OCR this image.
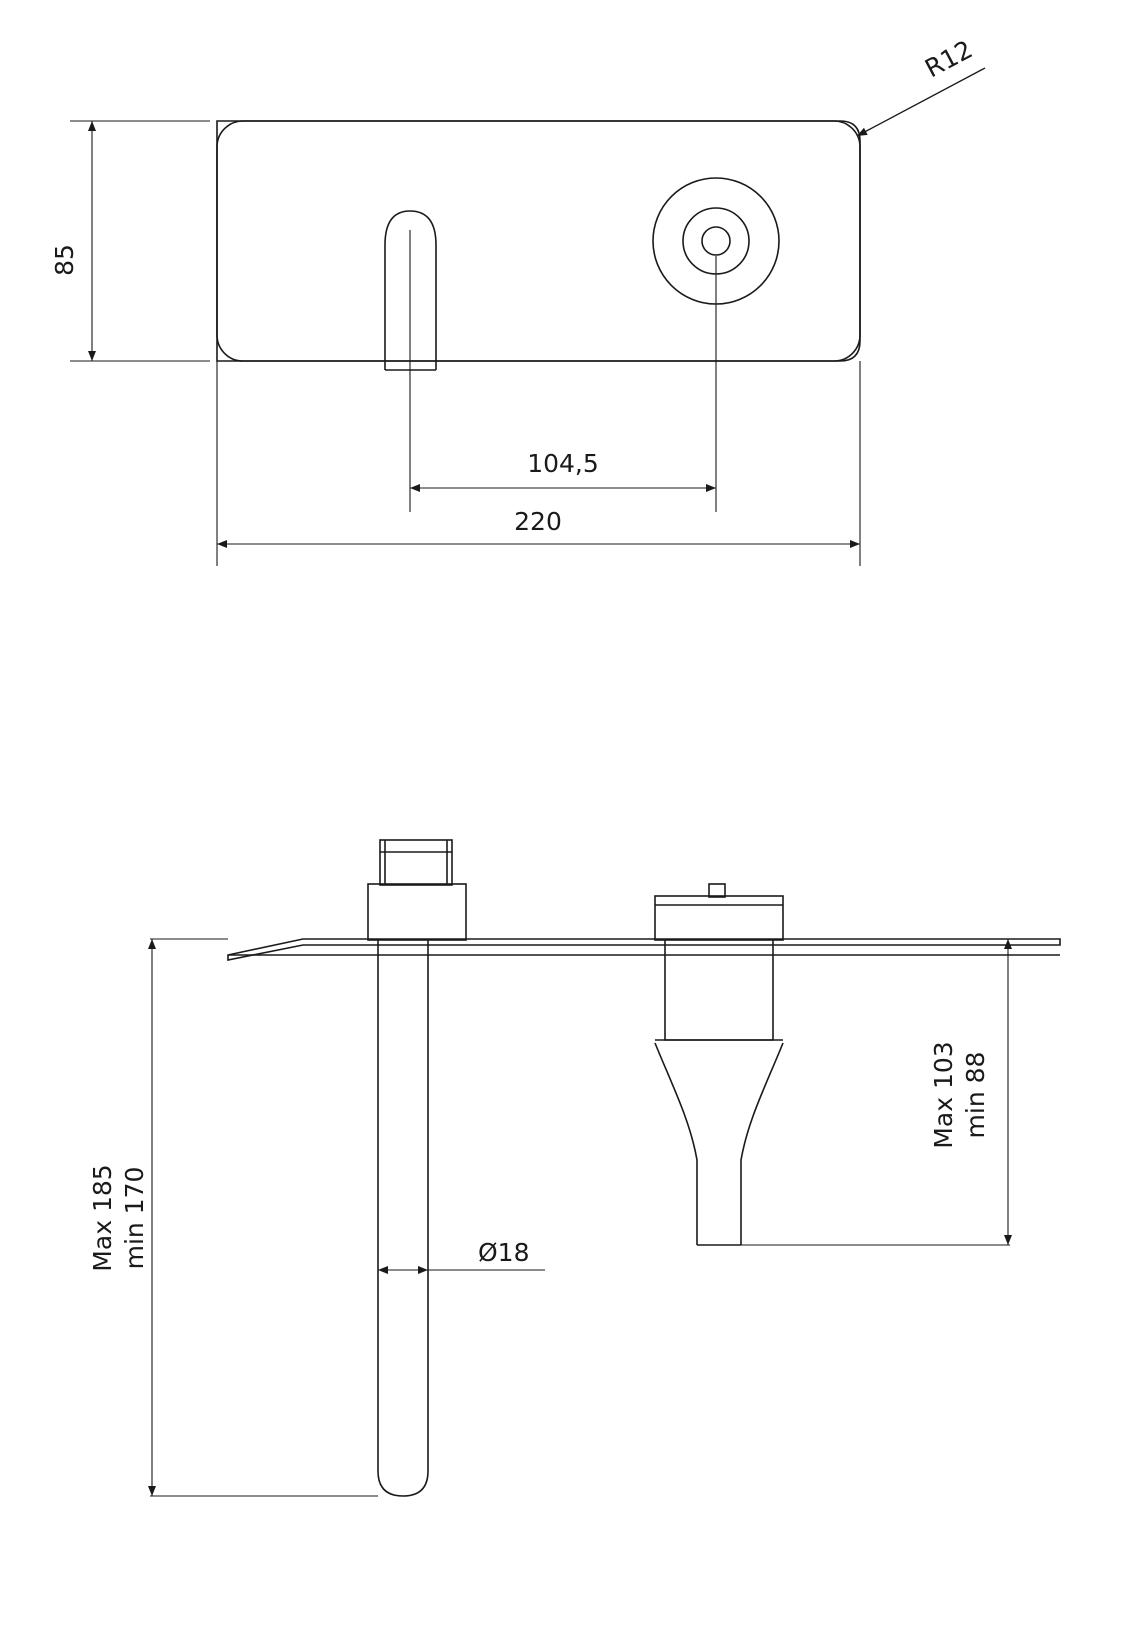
R12
85
104,5
220
Max 185 min 170
Max 103 min 88
Ø18
